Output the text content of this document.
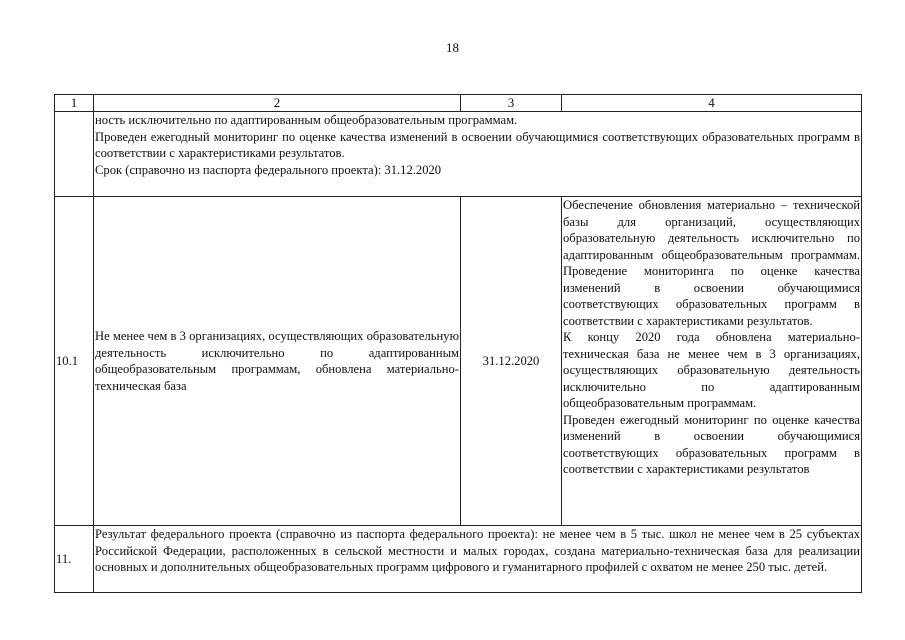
18
1	2	3	4

	ность исключительно по адаптированным общеобразовательным программам.
Проведен ежегодный мониторинг по оценке качества изменений в освоении обучающимися соответствующих образовательных программ в соответствии с характеристиками результатов.
Срок (справочно из паспорта федерального проекта): 31.12.2020		

10.1	Не менее чем в 3 организациях, осуществляющих образовательную деятельность исключительно по адаптированным общеобразовательным программам, обновлена материально-техническая база	31.12.2020	Обеспечение обновления материально – технической базы для организаций, осуществляющих образовательную деятельность исключительно по адаптированным общеобразовательным программам. Проведение мониторинга по оценке качества изменений в освоении обучающимися соответствующих образовательных программ в соответствии с характеристиками результатов.
К концу 2020 года обновлена материально-техническая база не менее чем в 3 организациях, осуществляющих образовательную деятельность исключительно по адаптированным общеобразовательным программам.
Проведен ежегодный мониторинг по оценке качества изменений в освоении обучающимися соответствующих образовательных программ в соответствии с характеристиками результатов

11.	Результат федерального проекта (справочно из паспорта федерального проекта): не менее чем в 5 тыс. школ не менее чем в 25 субъектах Российской Федерации, расположенных в сельской местности и малых городах, создана материально-техническая база для реализации основных и дополнительных общеобразовательных программ цифрового и гуманитарного профилей с охватом не менее 250 тыс. детей.		
